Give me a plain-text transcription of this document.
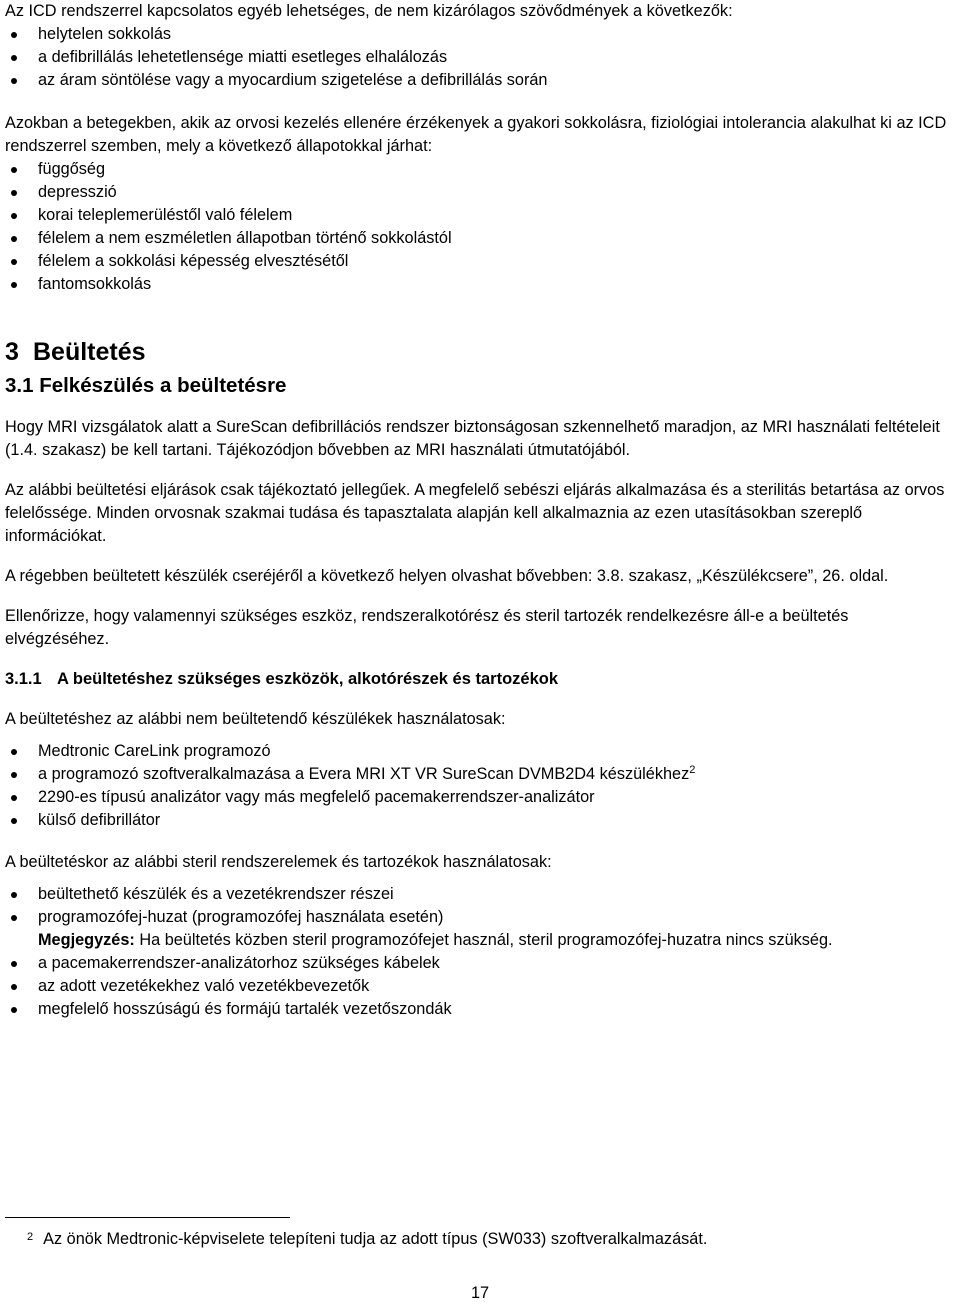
Az ICD rendszerrel kapcsolatos egyéb lehetséges, de nem kizárólagos szövődmények a következők:

helytelen sokkolás
a defibrillálás lehetetlensége miatti esetleges elhalálozás
az áram söntölése vagy a myocardium szigetelése a defibrillálás során

Azokban a betegekben, akik az orvosi kezelés ellenére érzékenyek a gyakori sokkolásra, fiziológiai intolerancia alakulhat ki az ICD rendszerrel szemben, mely a következő állapotokkal járhat:

függőség
depresszió
korai teleplemerüléstől való félelem
félelem a nem eszméletlen állapotban történő sokkolástól
félelem a sokkolási képesség elvesztésétől
fantomsokkolás

3 Beültetés

3.1 Felkészülés a beültetésre

Hogy MRI vizsgálatok alatt a SureScan defibrillációs rendszer biztonságosan szkennelhető maradjon, az MRI használati feltételeit (1.4. szakasz) be kell tartani. Tájékozódjon bővebben az MRI használati útmutatójából.

Az alábbi beültetési eljárások csak tájékoztató jellegűek. A megfelelő sebészi eljárás alkalmazása és a sterilitás betartása az orvos felelőssége. Minden orvosnak szakmai tudása és tapasztalata alapján kell alkalmaznia az ezen utasításokban szereplő információkat.

A régebben beültetett készülék cseréjéről a következő helyen olvashat bővebben: 3.8. szakasz, „Készülékcsere”, 26. oldal.

Ellenőrizze, hogy valamennyi szükséges eszköz, rendszeralkotórész és steril tartozék rendelkezésre áll-e a beültetés elvégzéséhez.

3.1.1 A beültetéshez szükséges eszközök, alkotórészek és tartozékok

A beültetéshez az alábbi nem beültetendő készülékek használatosak:

Medtronic CareLink programozó
a programozó szoftveralkalmazása a Evera MRI XT VR SureScan DVMB2D4 készülékhez$^2$
2290-es típusú analizátor vagy más megfelelő pacemakerrendszer-analizátor
külső defibrillátor

A beültetéskor az alábbi steril rendszerelemek és tartozékok használatosak:

beültethető készülék és a vezetékrendszer részei
programozófej-huzat (programozófej használata esetén)
Megjegyzés: Ha beültetés közben steril programozófejet használ, steril programozófej-huzatra nincs szükség.
a pacemakerrendszer-analizátorhoz szükséges kábelek
az adott vezetékekhez való vezetékbevezetők
megfelelő hosszúságú és formájú tartalék vezetőszondák

$^2$ Az önök Medtronic-képviselete telepíteni tudja az adott típus (SW033) szoftveralkalmazását.

17
